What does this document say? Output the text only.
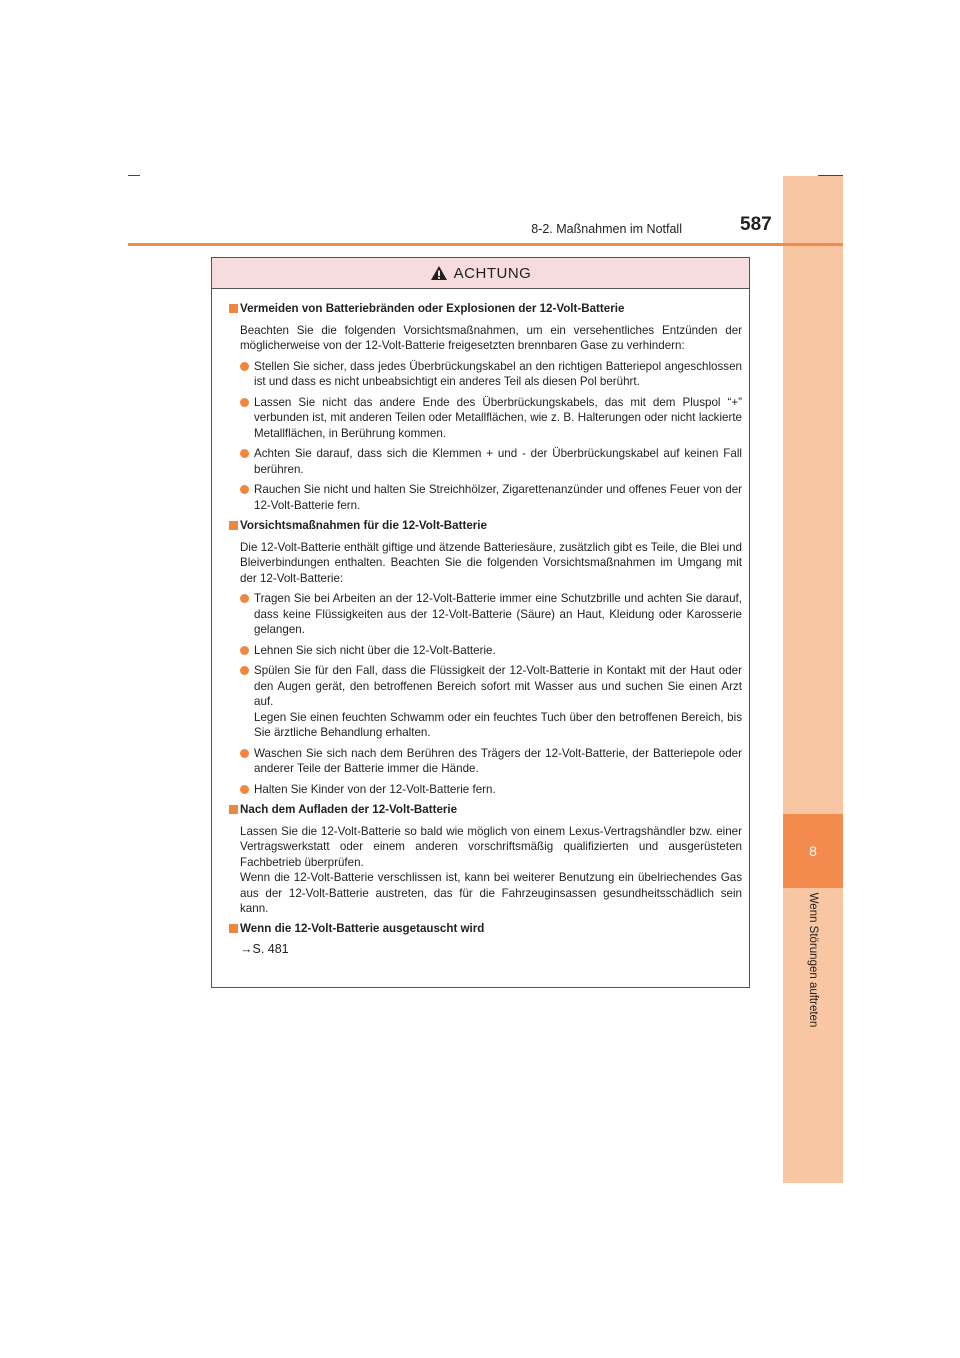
8
Wenn Störungen auftreten
8-2. Maßnahmen im Notfall	587
ACHTUNG
Vermeiden von Batteriebränden oder Explosionen der 12-Volt-Batterie
Beachten Sie die folgenden Vorsichtsmaßnahmen, um ein versehentliches Entzünden der möglicherweise von der 12-Volt-Batterie freigesetzten brennbaren Gase zu verhindern:
Stellen Sie sicher, dass jedes Überbrückungskabel an den richtigen Batteriepol angeschlossen ist und dass es nicht unbeabsichtigt ein anderes Teil als diesen Pol berührt.
Lassen Sie nicht das andere Ende des Überbrückungskabels, das mit dem Pluspol “+” verbunden ist, mit anderen Teilen oder Metallflächen, wie z. B. Halterungen oder nicht lackierte Metallflächen, in Berührung kommen.
Achten Sie darauf, dass sich die Klemmen + und - der Überbrückungskabel auf keinen Fall berühren.
Rauchen Sie nicht und halten Sie Streichhölzer, Zigarettenanzünder und offenes Feuer von der 12-Volt-Batterie fern.
Vorsichtsmaßnahmen für die 12-Volt-Batterie
Die 12-Volt-Batterie enthält giftige und ätzende Batteriesäure, zusätzlich gibt es Teile, die Blei und Bleiverbindungen enthalten. Beachten Sie die folgenden Vorsichtsmaßnahmen im Umgang mit der 12-Volt-Batterie:
Tragen Sie bei Arbeiten an der 12-Volt-Batterie immer eine Schutzbrille und achten Sie darauf, dass keine Flüssigkeiten aus der 12-Volt-Batterie (Säure) an Haut, Kleidung oder Karosserie gelangen.
Lehnen Sie sich nicht über die 12-Volt-Batterie.
Spülen Sie für den Fall, dass die Flüssigkeit der 12-Volt-Batterie in Kontakt mit der Haut oder den Augen gerät, den betroffenen Bereich sofort mit Wasser aus und suchen Sie einen Arzt auf.
Legen Sie einen feuchten Schwamm oder ein feuchtes Tuch über den betroffenen Bereich, bis Sie ärztliche Behandlung erhalten.
Waschen Sie sich nach dem Berühren des Trägers der 12-Volt-Batterie, der Batteriepole oder anderer Teile der Batterie immer die Hände.
Halten Sie Kinder von der 12-Volt-Batterie fern.
Nach dem Aufladen der 12-Volt-Batterie
Lassen Sie die 12-Volt-Batterie so bald wie möglich von einem Lexus-Vertragshändler bzw. einer Vertragswerkstatt oder einem anderen vorschriftsmäßig qualifizierten und ausgerüsteten Fachbetrieb überprüfen.
Wenn die 12-Volt-Batterie verschlissen ist, kann bei weiterer Benutzung ein übelriechendes Gas aus der 12-Volt-Batterie austreten, das für die Fahrzeuginsassen gesundheitsschädlich sein kann.
Wenn die 12-Volt-Batterie ausgetauscht wird
→S. 481
